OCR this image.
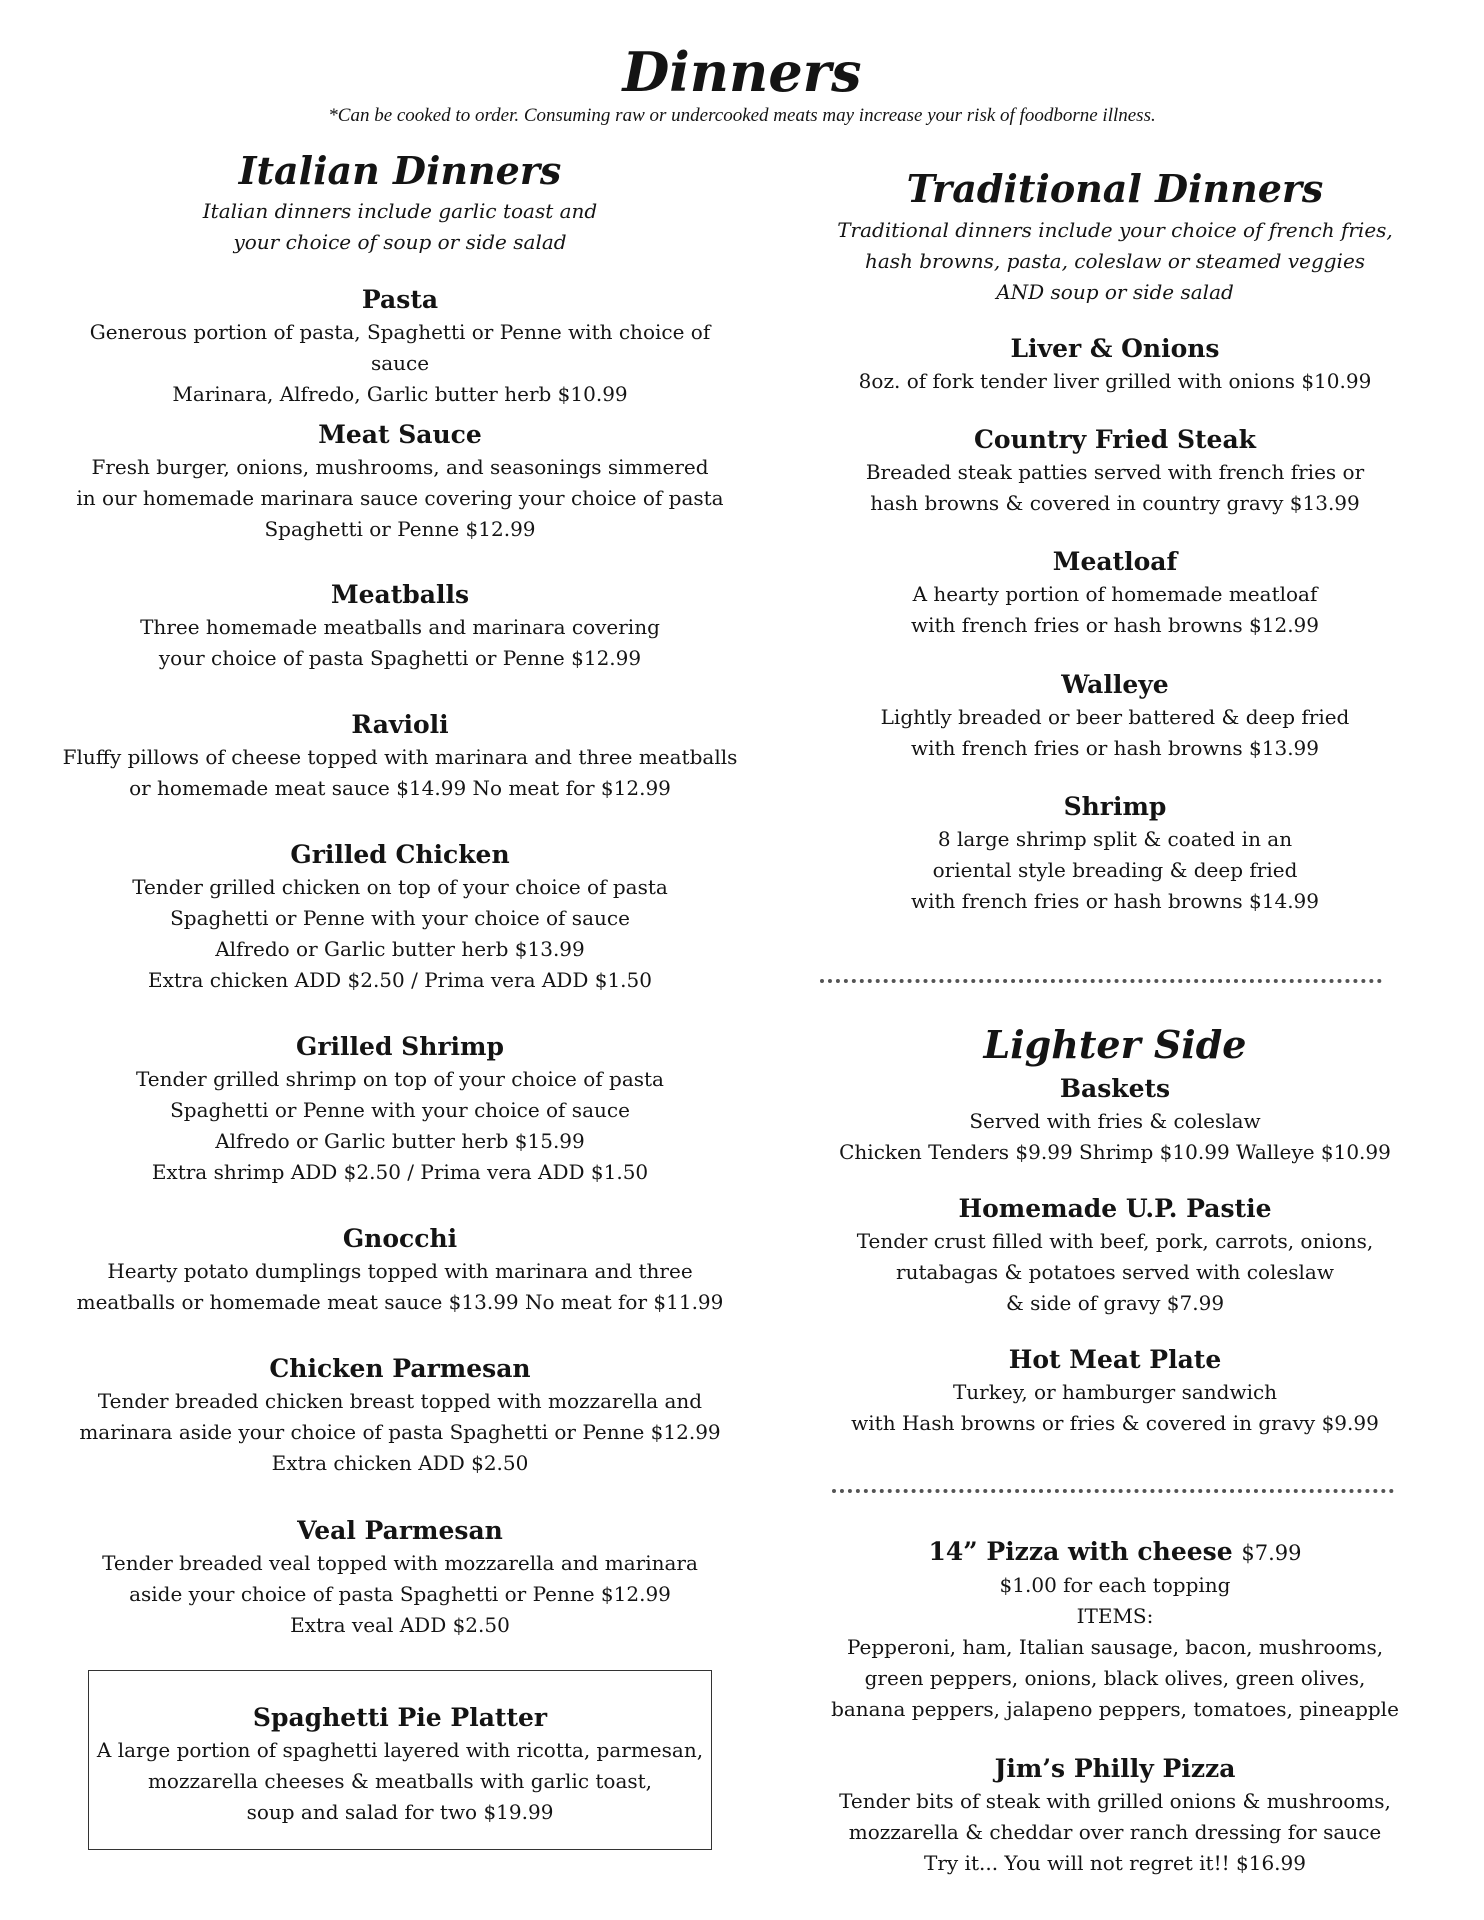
Dinners
*Can be cooked to order. Consuming raw or undercooked meats may increase your risk of foodborne illness.
Italian Dinners
Italian dinners include garlic toast and
your choice of soup or side salad
Pasta
Generous portion of pasta, Spaghetti or Penne with choice of sauce
Marinara, Alfredo, Garlic butter herb $10.99
Meat Sauce
Fresh burger, onions, mushrooms, and seasonings simmered
in our homemade marinara sauce covering your choice of pasta
Spaghetti or Penne $12.99
Meatballs
Three homemade meatballs and marinara covering
your choice of pasta Spaghetti or Penne $12.99
Ravioli
Fluffy pillows of cheese topped with marinara and three meatballs
or homemade meat sauce $14.99 No meat for $12.99
Grilled Chicken
Tender grilled chicken on top of your choice of pasta
Spaghetti or Penne with your choice of sauce
Alfredo or Garlic butter herb $13.99
Extra chicken ADD $2.50 / Prima vera ADD $1.50
Grilled Shrimp
Tender grilled shrimp on top of your choice of pasta
Spaghetti or Penne with your choice of sauce
Alfredo or Garlic butter herb $15.99
Extra shrimp ADD $2.50 / Prima vera ADD $1.50
Gnocchi
Hearty potato dumplings topped with marinara and three
meatballs or homemade meat sauce $13.99 No meat for $11.99
Chicken Parmesan
Tender breaded chicken breast topped with mozzarella and
marinara aside your choice of pasta Spaghetti or Penne $12.99
Extra chicken ADD $2.50
Veal Parmesan
Tender breaded veal topped with mozzarella and marinara
aside your choice of pasta Spaghetti or Penne $12.99
Extra veal ADD $2.50
Spaghetti Pie Platter
A large portion of spaghetti layered with ricotta, parmesan,
mozzarella cheeses & meatballs with garlic toast,
soup and salad for two $19.99
Traditional Dinners
Traditional dinners include your choice of french fries,
hash browns, pasta, coleslaw or steamed veggies
AND soup or side salad
Liver & Onions
8oz. of fork tender liver grilled with onions $10.99
Country Fried Steak
Breaded steak patties served with french fries or
hash browns & covered in country gravy $13.99
Meatloaf
A hearty portion of homemade meatloaf
with french fries or hash browns $12.99
Walleye
Lightly breaded or beer battered & deep fried
with french fries or hash browns $13.99
Shrimp
8 large shrimp split & coated in an
oriental style breading & deep fried
with french fries or hash browns $14.99
Lighter Side
Baskets
Served with fries & coleslaw
Chicken Tenders $9.99 Shrimp $10.99 Walleye $10.99
Homemade U.P. Pastie
Tender crust filled with beef, pork, carrots, onions,
rutabagas & potatoes served with coleslaw
& side of gravy $7.99
Hot Meat Plate
Turkey, or hamburger sandwich
with Hash browns or fries & covered in gravy $9.99
14” Pizza with cheese $7.99
$1.00 for each topping
ITEMS:
Pepperoni, ham, Italian sausage, bacon, mushrooms,
green peppers, onions, black olives, green olives,
banana peppers, jalapeno peppers, tomatoes, pineapple
Jim’s Philly Pizza
Tender bits of steak with grilled onions & mushrooms,
mozzarella & cheddar over ranch dressing for sauce
Try it... You will not regret it!! $16.99
